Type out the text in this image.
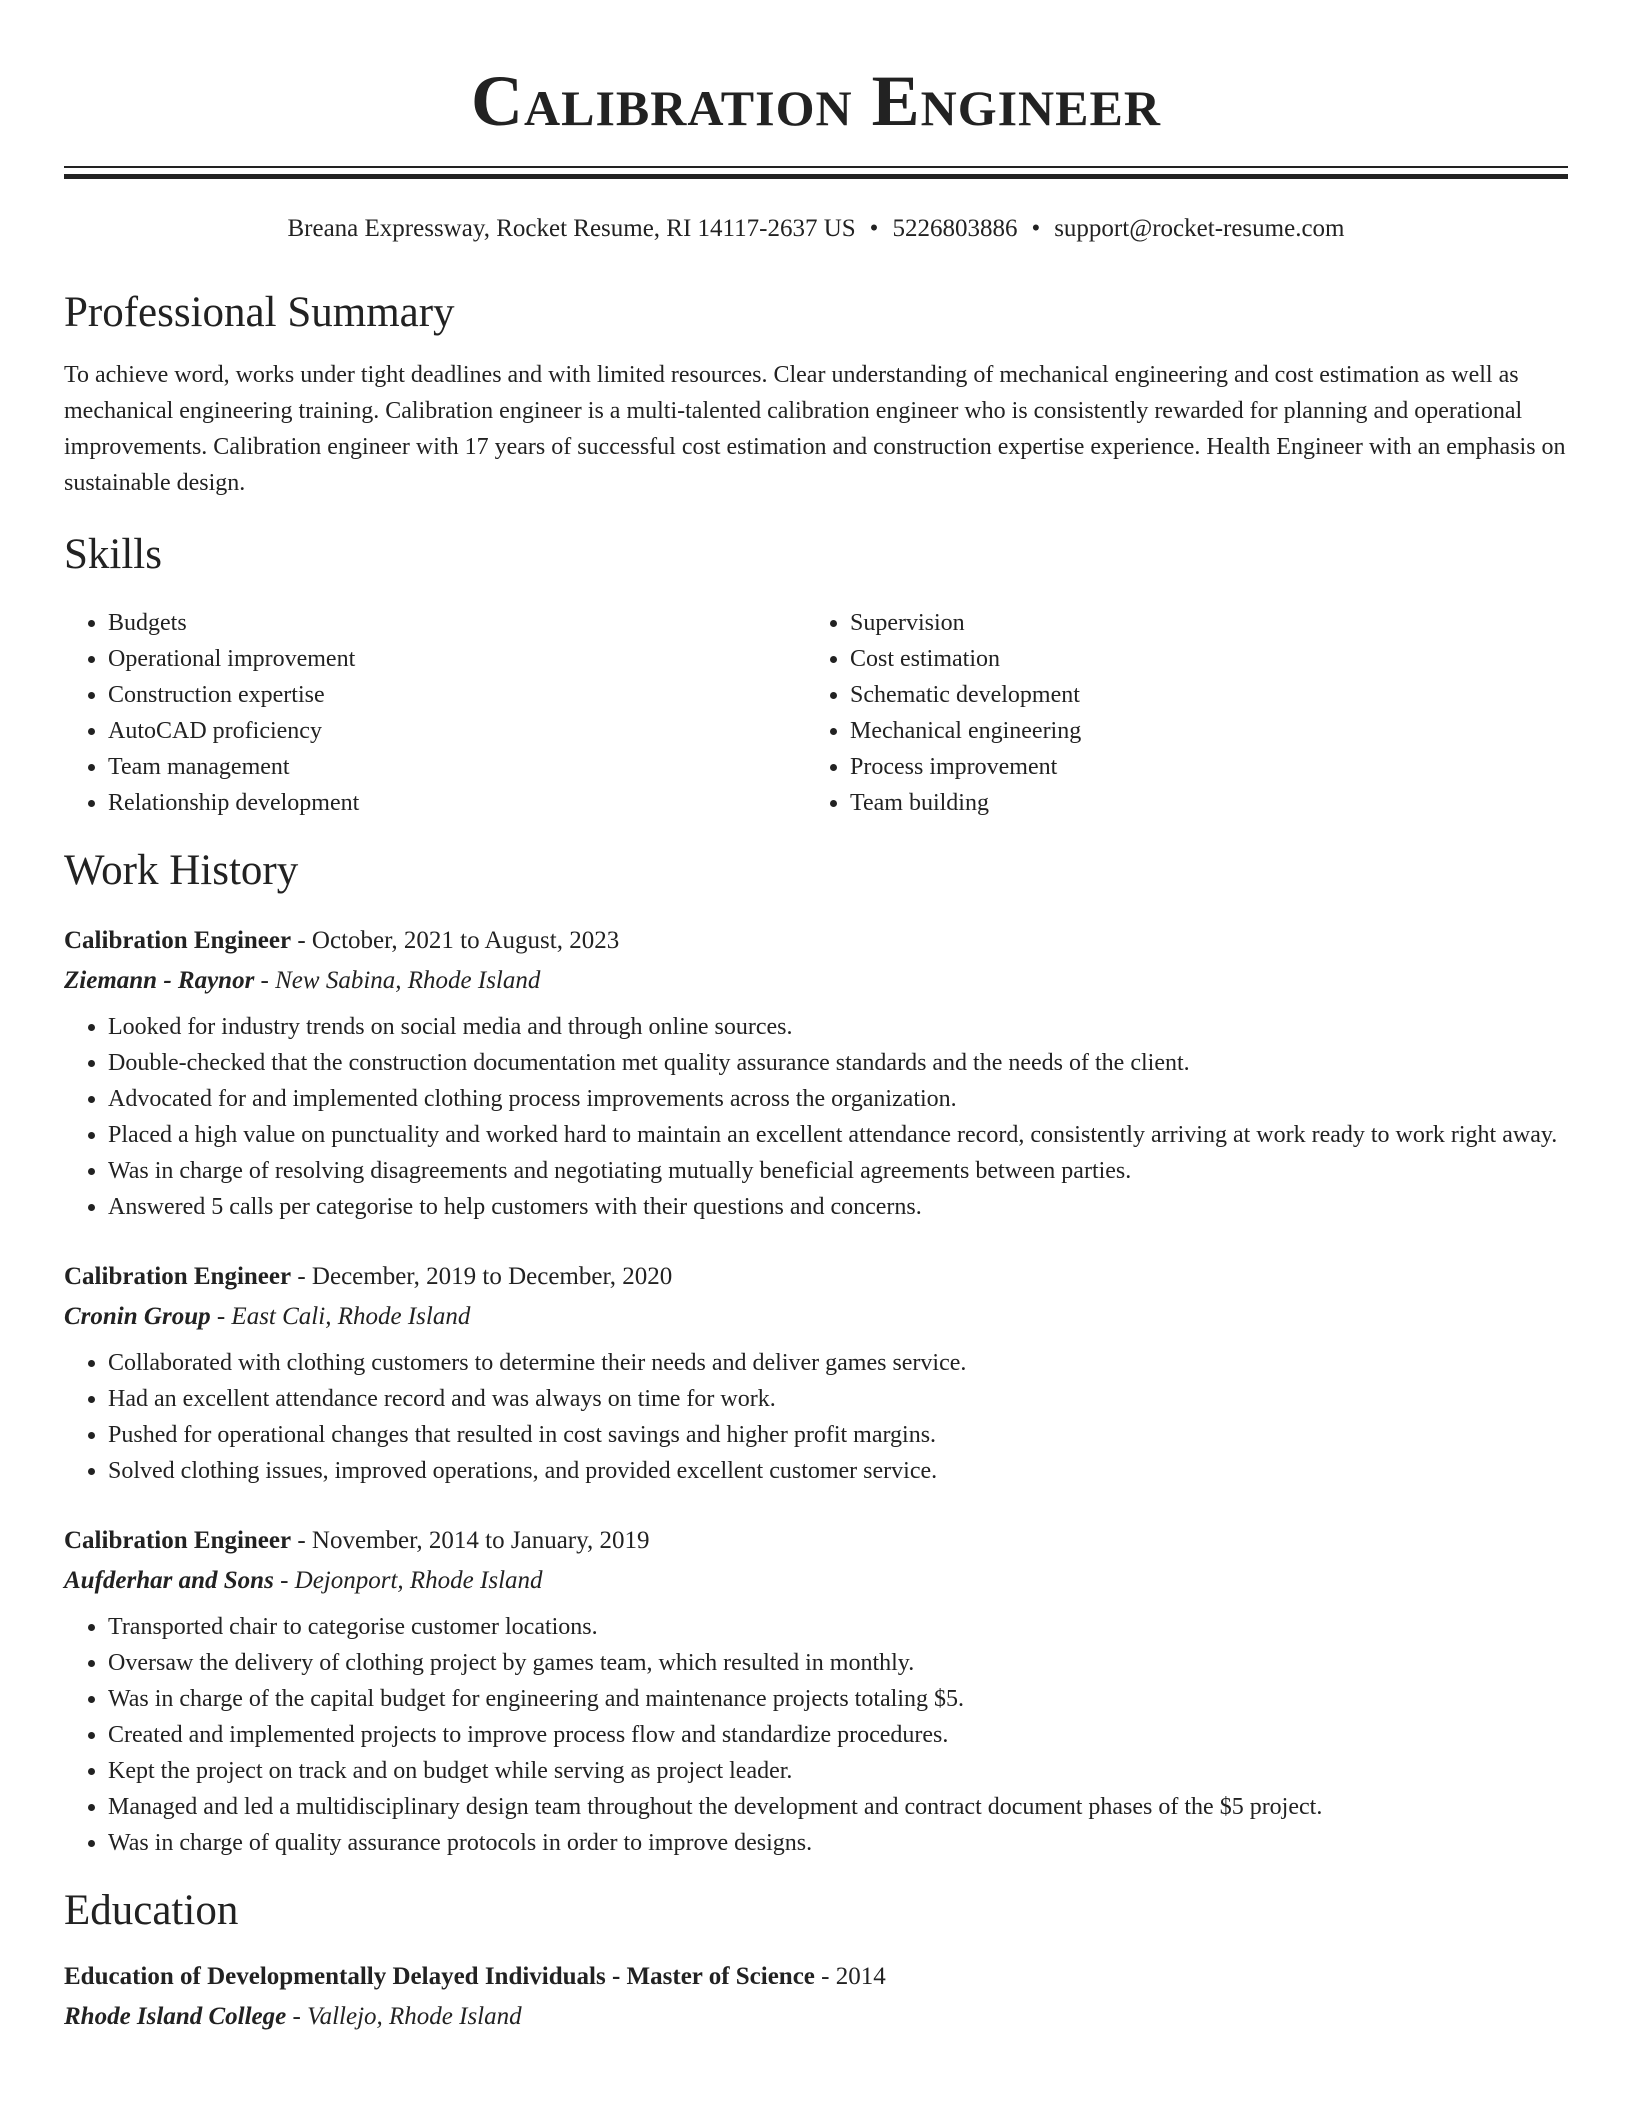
Calibration Engineer
Breana Expressway, Rocket Resume, RI 14117-2637 US • 5226803886 • support@rocket-resume.com
Professional Summary

To achieve word, works under tight deadlines and with limited resources. Clear understanding of mechanical engineering and cost estimation as well as mechanical engineering training. Calibration engineer is a multi-talented calibration engineer who is consistently rewarded for planning and operational improvements. Calibration engineer with 17 years of successful cost estimation and construction expertise experience. Health Engineer with an emphasis on sustainable design.

Skills
• Budgets
• Operational improvement
• Construction expertise
• AutoCAD proficiency
• Team management
• Relationship development
• Supervision
• Cost estimation
• Schematic development
• Mechanical engineering
• Process improvement
• Team building
Work History
Calibration Engineer - October, 2021 to August, 2023
Ziemann - Raynor - New Sabina, Rhode Island
• Looked for industry trends on social media and through online sources.
• Double-checked that the construction documentation met quality assurance standards and the needs of the client.
• Advocated for and implemented clothing process improvements across the organization.
• Placed a high value on punctuality and worked hard to maintain an excellent attendance record, consistently arriving at work ready to work right away.
• Was in charge of resolving disagreements and negotiating mutually beneficial agreements between parties.
• Answered 5 calls per categorise to help customers with their questions and concerns.
Calibration Engineer - December, 2019 to December, 2020
Cronin Group - East Cali, Rhode Island
• Collaborated with clothing customers to determine their needs and deliver games service.
• Had an excellent attendance record and was always on time for work.
• Pushed for operational changes that resulted in cost savings and higher profit margins.
• Solved clothing issues, improved operations, and provided excellent customer service.
Calibration Engineer - November, 2014 to January, 2019
Aufderhar and Sons - Dejonport, Rhode Island
• Transported chair to categorise customer locations.
• Oversaw the delivery of clothing project by games team, which resulted in monthly.
• Was in charge of the capital budget for engineering and maintenance projects totaling $5.
• Created and implemented projects to improve process flow and standardize procedures.
• Kept the project on track and on budget while serving as project leader.
• Managed and led a multidisciplinary design team throughout the development and contract document phases of the $5 project.
• Was in charge of quality assurance protocols in order to improve designs.
Education
Education of Developmentally Delayed Individuals - Master of Science - 2014
Rhode Island College - Vallejo, Rhode Island
